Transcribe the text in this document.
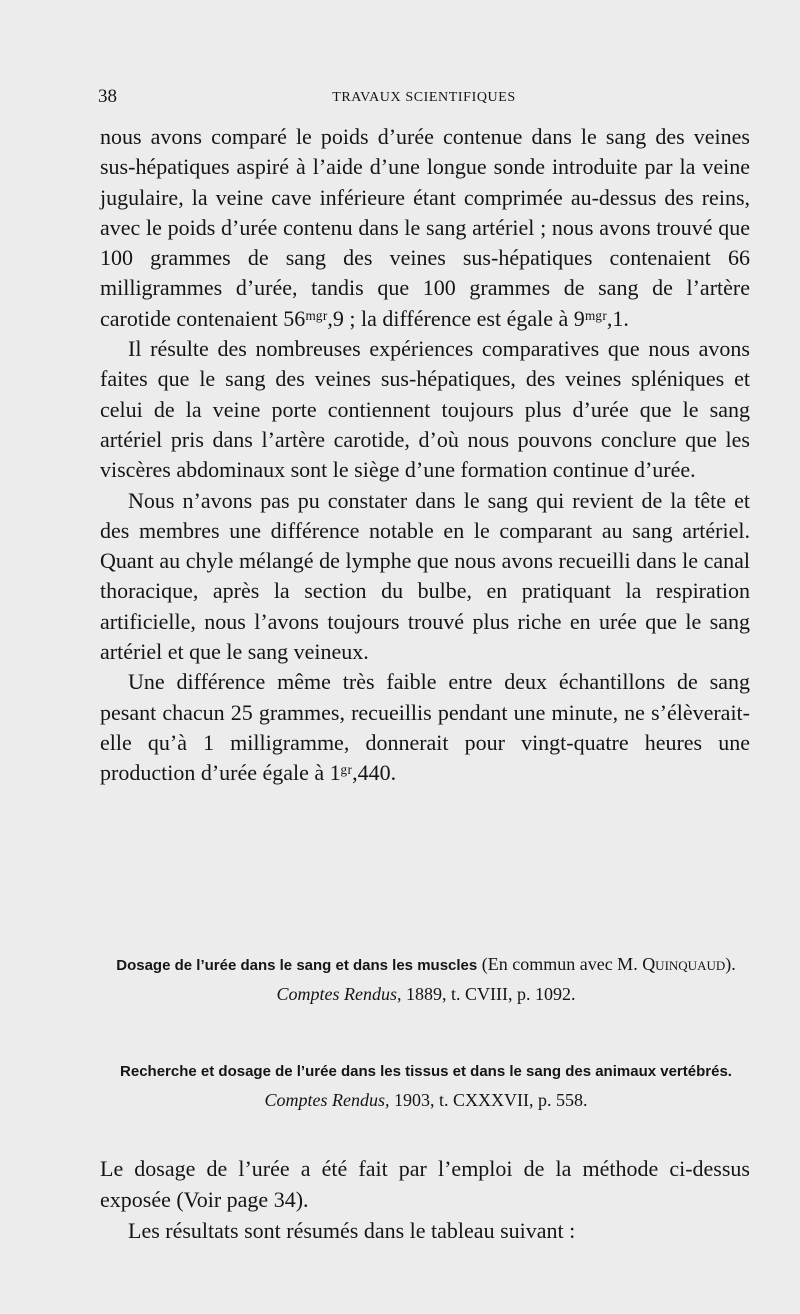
38	TRAVAUX SCIENTIFIQUES

nous avons comparé le poids d’urée contenue dans le sang des veines sus-hépatiques aspiré à l’aide d’une longue sonde introduite par la veine jugulaire, la veine cave inférieure étant comprimée au-dessus des reins, avec le poids d’urée contenu dans le sang artériel ; nous avons trouvé que 100 grammes de sang des veines sus-hépatiques contenaient 66 milligrammes d’urée, tandis que 100 grammes de sang de l’artère carotide contenaient 56ᵐᵍʳ,9 ; la différence est égale à 9ᵐᵍʳ,1.

Il résulte des nombreuses expériences comparatives que nous avons faites que le sang des veines sus-hépatiques, des veines spléniques et celui de la veine porte contiennent toujours plus d’urée que le sang artériel pris dans l’artère carotide, d’où nous pouvons conclure que les viscères abdominaux sont le siège d’une formation continue d’urée.

Nous n’avons pas pu constater dans le sang qui revient de la tête et des membres une différence notable en le comparant au sang artériel. Quant au chyle mélangé de lymphe que nous avons recueilli dans le canal thoracique, après la section du bulbe, en pratiquant la respiration artificielle, nous l’avons toujours trouvé plus riche en urée que le sang artériel et que le sang veineux.

Une différence même très faible entre deux échantillons de sang pesant chacun 25 grammes, recueillis pendant une minute, ne s’élèverait-elle qu’à 1 milligramme, donnerait pour vingt-quatre heures une production d’urée égale à 1ᵍʳ,440.

Dosage de l’urée dans le sang et dans les muscles (En commun avec M. Quinquaud). Comptes Rendus, 1889, t. CVIII, p. 1092.

Recherche et dosage de l’urée dans les tissus et dans le sang des animaux vertébrés. Comptes Rendus, 1903, t. CXXXVII, p. 558.

Le dosage de l’urée a été fait par l’emploi de la méthode ci-dessus exposée (Voir page 34).

Les résultats sont résumés dans le tableau suivant :
